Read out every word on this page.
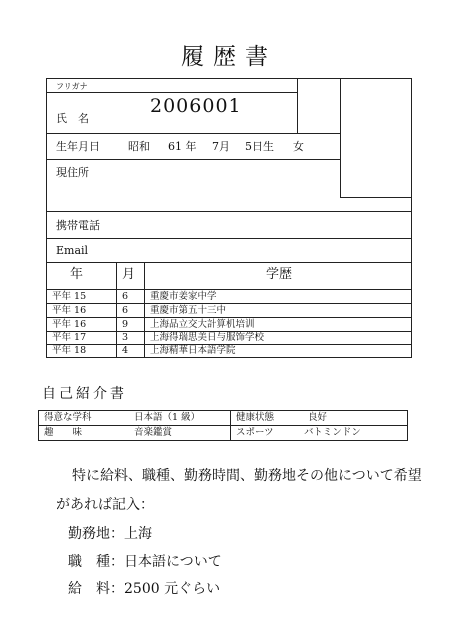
履歴書
フリガナ
氏　名
2006001
生年月日	昭和 61 年 7月 5日生 女
現住所
携帯電話
Email
年	月	学歴
平年 15	6 重慶市姜家中学
平年 16	6 重慶市第五十三中
平年 16	9 上海品立交大計算机培训
平年 17	3 上海得瑞思美日与服饰学校
平年 18	4 上海精華日本語学院
自己紹介書
得意な学科	日本語（1 級）	健康状態	良好
趣　　味	音楽鑑賞	スポーツ	バトミンドン
特に給料、職種、勤務時間、勤務地その他について希望
があれば記入：
勤務地：上海
職　種：日本語について
給　料：2500 元ぐらい
